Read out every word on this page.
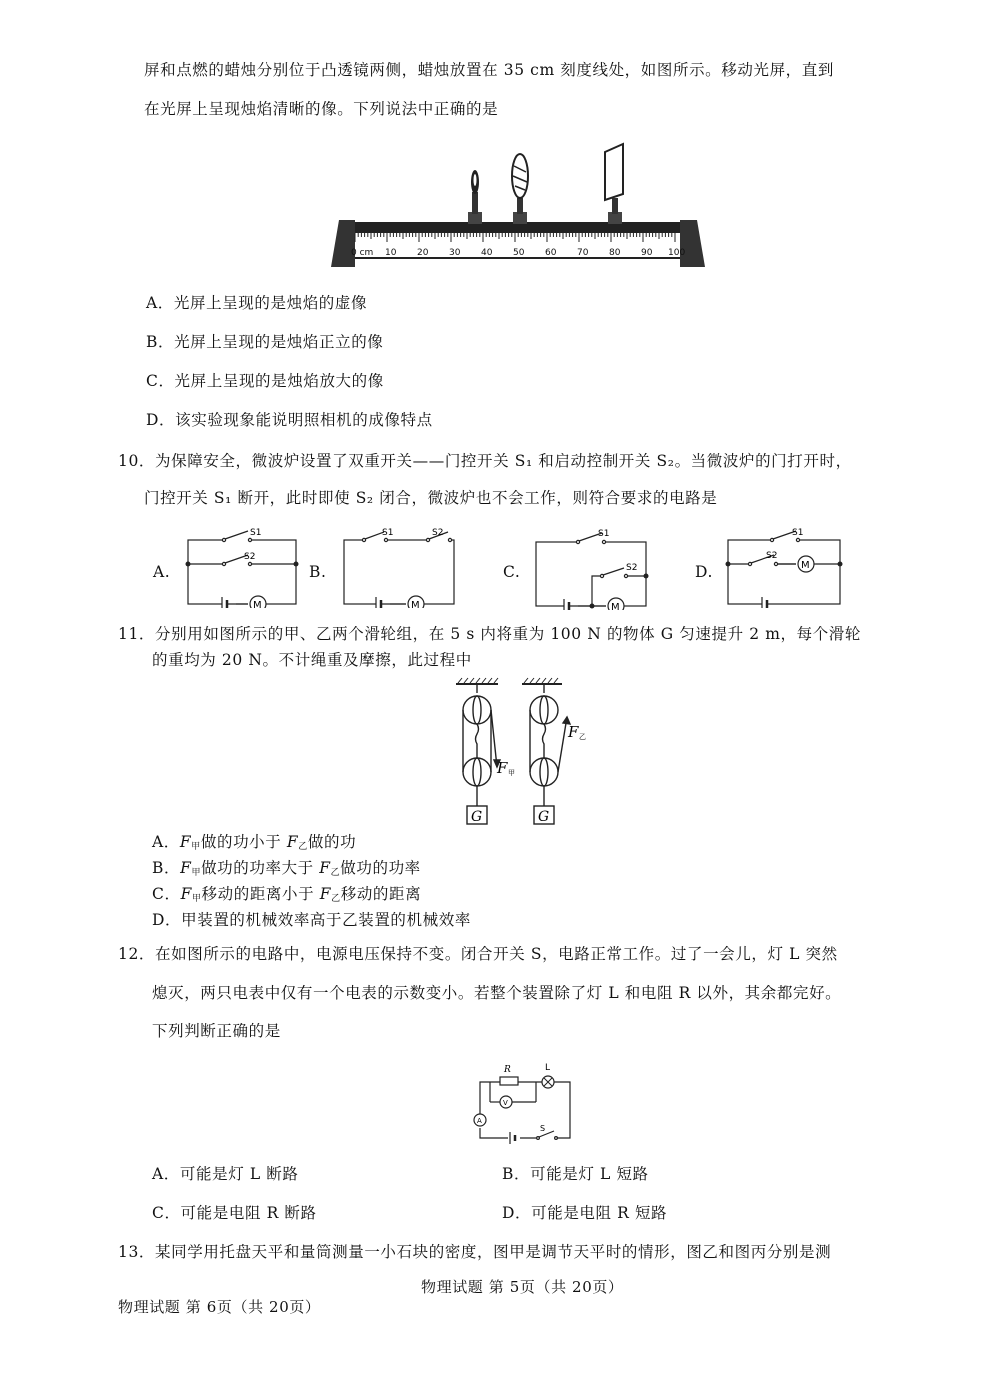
屏和点燃的蜡烛分别位于凸透镜两侧，蜡烛放置在 35 cm 刻度线处，如图所示。移动光屏，直到
在光屏上呈现烛焰清晰的像。下列说法中正确的是
0 cm 10 20 30 40 50 60 70 80 90 100
A．光屏上呈现的是烛焰的虚像
B．光屏上呈现的是烛焰正立的像
C．光屏上呈现的是烛焰放大的像
D．该实验现象能说明照相机的成像特点
10．为保障安全，微波炉设置了双重开关——门控开关 S₁ 和启动控制开关 S₂。当微波炉的门打开时，
门控开关 S₁ 断开，此时即使 S₂ 闭合，微波炉也不会工作，则符合要求的电路是
A.
S1
S2
M
B.
S1	S2
M
C.
S1
S2
M
D.
S1
S2
M
11．分别用如图所示的甲、乙两个滑轮组，在 5 s 内将重为 100 N 的物体 G 匀速提升 2 m，每个滑轮
的重均为 20 N。不计绳重及摩擦，此过程中
F 甲
G
F 乙
G
A．F甲做的功小于 F乙做的功
B．F甲做功的功率大于 F乙做功的功率
C．F甲移动的距离小于 F乙移动的距离
D．甲装置的机械效率高于乙装置的机械效率
12．在如图所示的电路中，电源电压保持不变。闭合开关 S，电路正常工作。过了一会儿，灯 L 突然
熄灭，两只电表中仅有一个电表的示数变小。若整个装置除了灯 L 和电阻 R 以外，其余都完好。
下列判断正确的是
R	L
V
A
S
A．可能是灯 L 断路	B．可能是灯 L 短路
C．可能是电阻 R 断路	D．可能是电阻 R 短路
13．某同学用托盘天平和量筒测量一小石块的密度，图甲是调节天平时的情形，图乙和图丙分别是测
物理试题 第 5页（共 20页）
物理试题 第 6页（共 20页）
